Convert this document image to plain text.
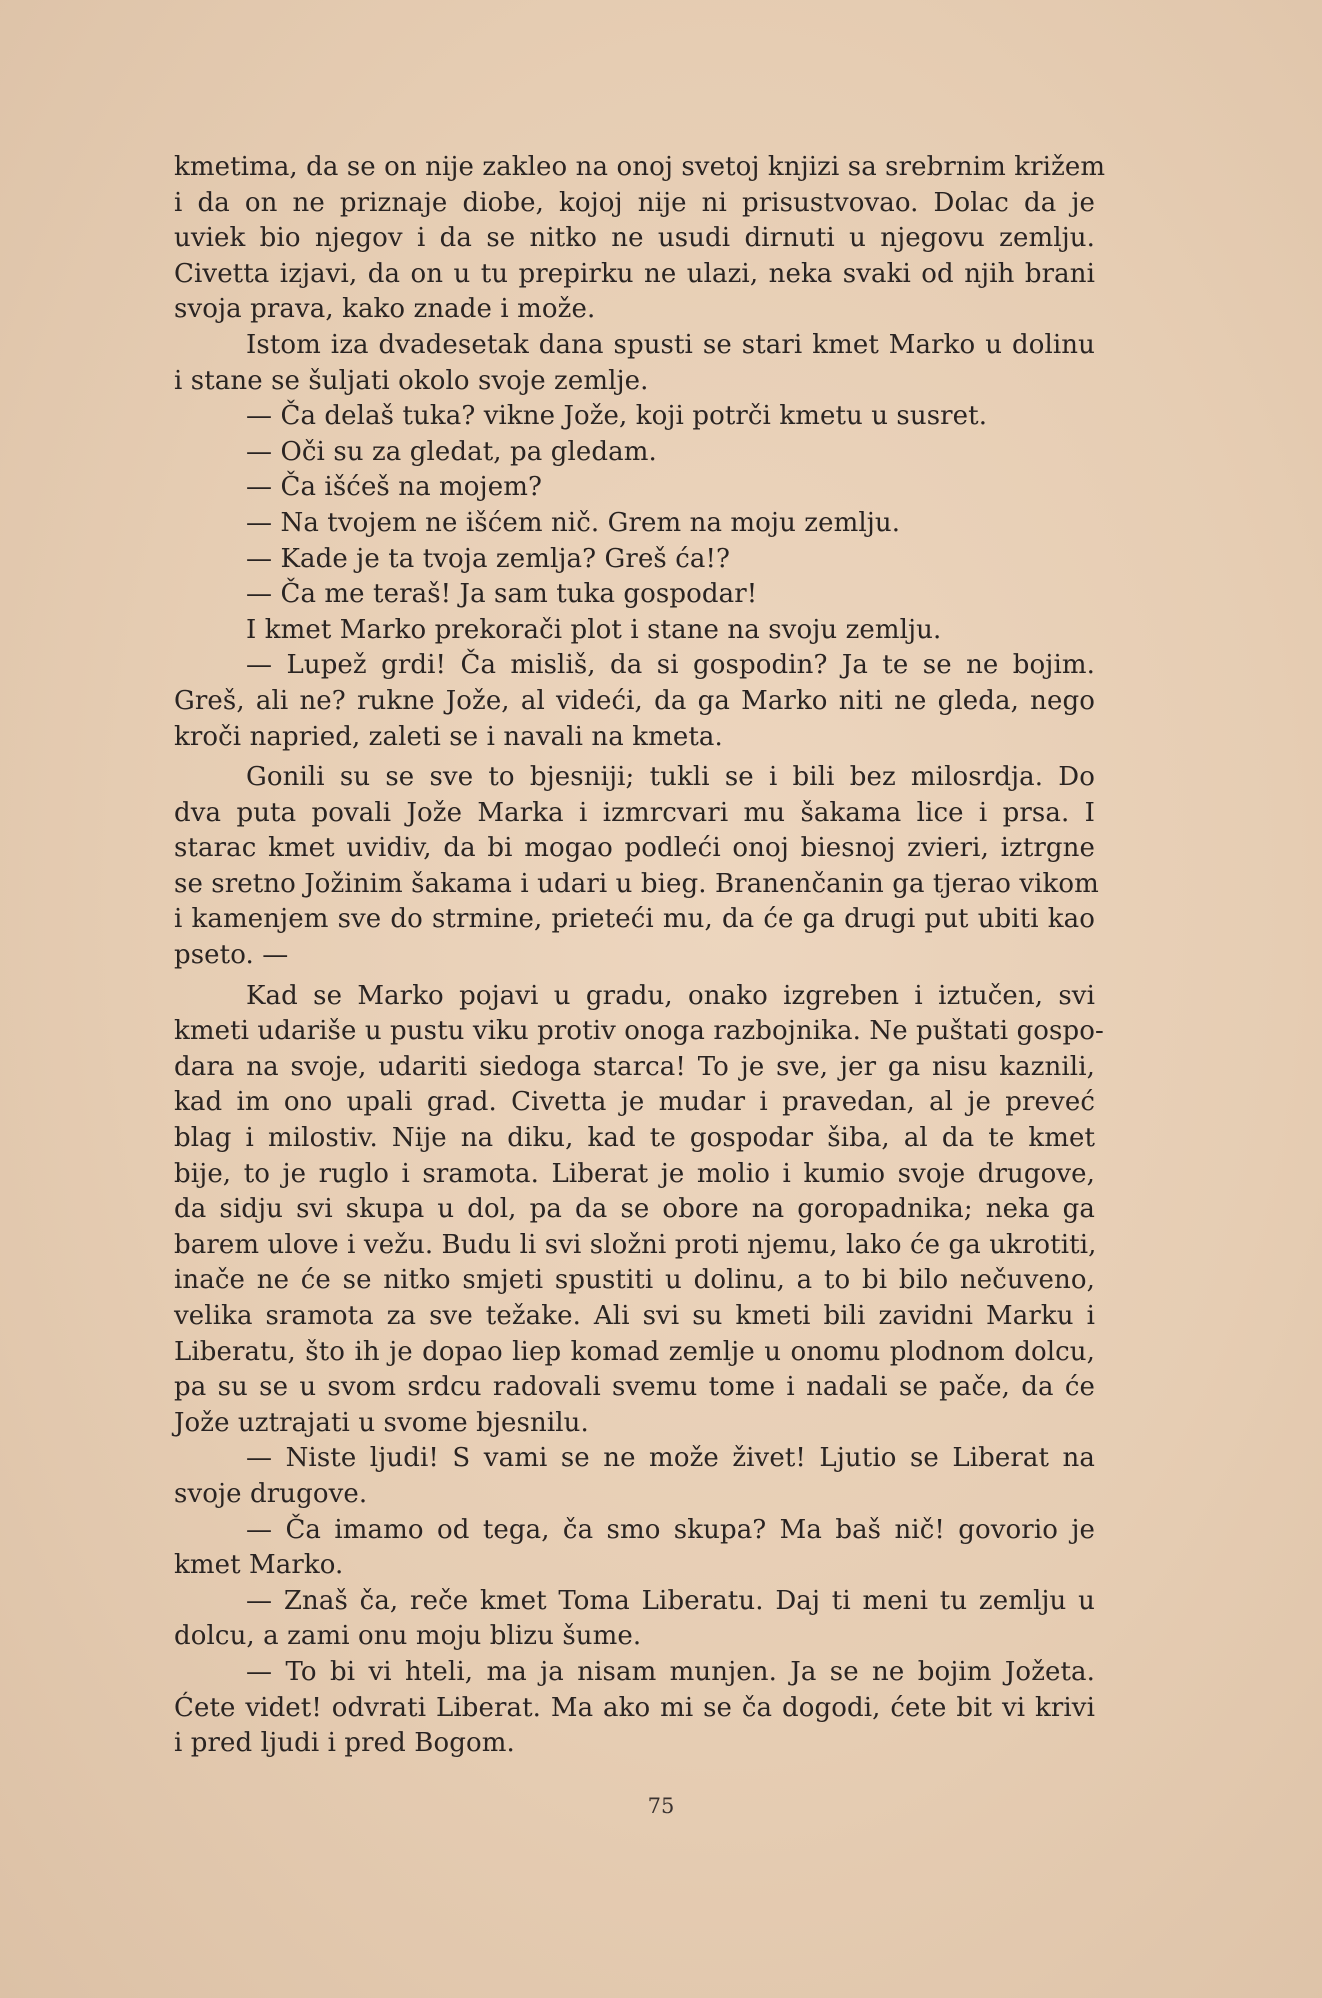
kmetima, da se on nije zakleo na onoj svetoj knjizi sa srebrnim križem
i da on ne priznaje diobe, kojoj nije ni prisustvovao. Dolac da je
uviek bio njegov i da se nitko ne usudi dirnuti u njegovu zemlju.
Civetta izjavi, da on u tu prepirku ne ulazi, neka svaki od njih brani
svoja prava, kako znade i može.
Istom iza dvadesetak dana spusti se stari kmet Marko u dolinu
i stane se šuljati okolo svoje zemlje.
— Ča delaš tuka? vikne Jože, koji potrči kmetu u susret.
— Oči su za gledat, pa gledam.
— Ča išćeš na mojem?
— Na tvojem ne išćem nič. Grem na moju zemlju.
— Kade je ta tvoja zemlja? Greš ća!?
— Ča me teraš! Ja sam tuka gospodar!
I kmet Marko prekorači plot i stane na svoju zemlju.
— Lupež grdi! Ča misliš, da si gospodin? Ja te se ne bojim.
Greš, ali ne? rukne Jože, al videći, da ga Marko niti ne gleda, nego
kroči napried, zaleti se i navali na kmeta.
Gonili su se sve to bjesniji; tukli se i bili bez milosrdja. Do
dva puta povali Jože Marka i izmrcvari mu šakama lice i prsa. I
starac kmet uvidiv, da bi mogao podleći onoj biesnoj zvieri, iztrgne
se sretno Jožinim šakama i udari u bieg. Branenčanin ga tjerao vikom
i kamenjem sve do strmine, prieteći mu, da će ga drugi put ubiti kao
pseto. —
Kad se Marko pojavi u gradu, onako izgreben i iztučen, svi
kmeti udariše u pustu viku protiv onoga razbojnika. Ne puštati gospo-
dara na svoje, udariti siedoga starca! To je sve, jer ga nisu kaznili,
kad im ono upali grad. Civetta je mudar i pravedan, al je preveć
blag i milostiv. Nije na diku, kad te gospodar šiba, al da te kmet
bije, to je ruglo i sramota. Liberat je molio i kumio svoje drugove,
da sidju svi skupa u dol, pa da se obore na goropadnika; neka ga
barem ulove i vežu. Budu li svi složni proti njemu, lako će ga ukrotiti,
inače ne će se nitko smjeti spustiti u dolinu, a to bi bilo nečuveno,
velika sramota za sve težake. Ali svi su kmeti bili zavidni Marku i
Liberatu, što ih je dopao liep komad zemlje u onomu plodnom dolcu,
pa su se u svom srdcu radovali svemu tome i nadali se pače, da će
Jože uztrajati u svome bjesnilu.
— Niste ljudi! S vami se ne može živet! Ljutio se Liberat na
svoje drugove.
— Ča imamo od tega, ča smo skupa? Ma baš nič! govorio je
kmet Marko.
— Znaš ča, reče kmet Toma Liberatu. Daj ti meni tu zemlju u
dolcu, a zami onu moju blizu šume.
— To bi vi hteli, ma ja nisam munjen. Ja se ne bojim Jožeta.
Ćete videt! odvrati Liberat. Ma ako mi se ča dogodi, ćete bit vi krivi
i pred ljudi i pred Bogom.
75
